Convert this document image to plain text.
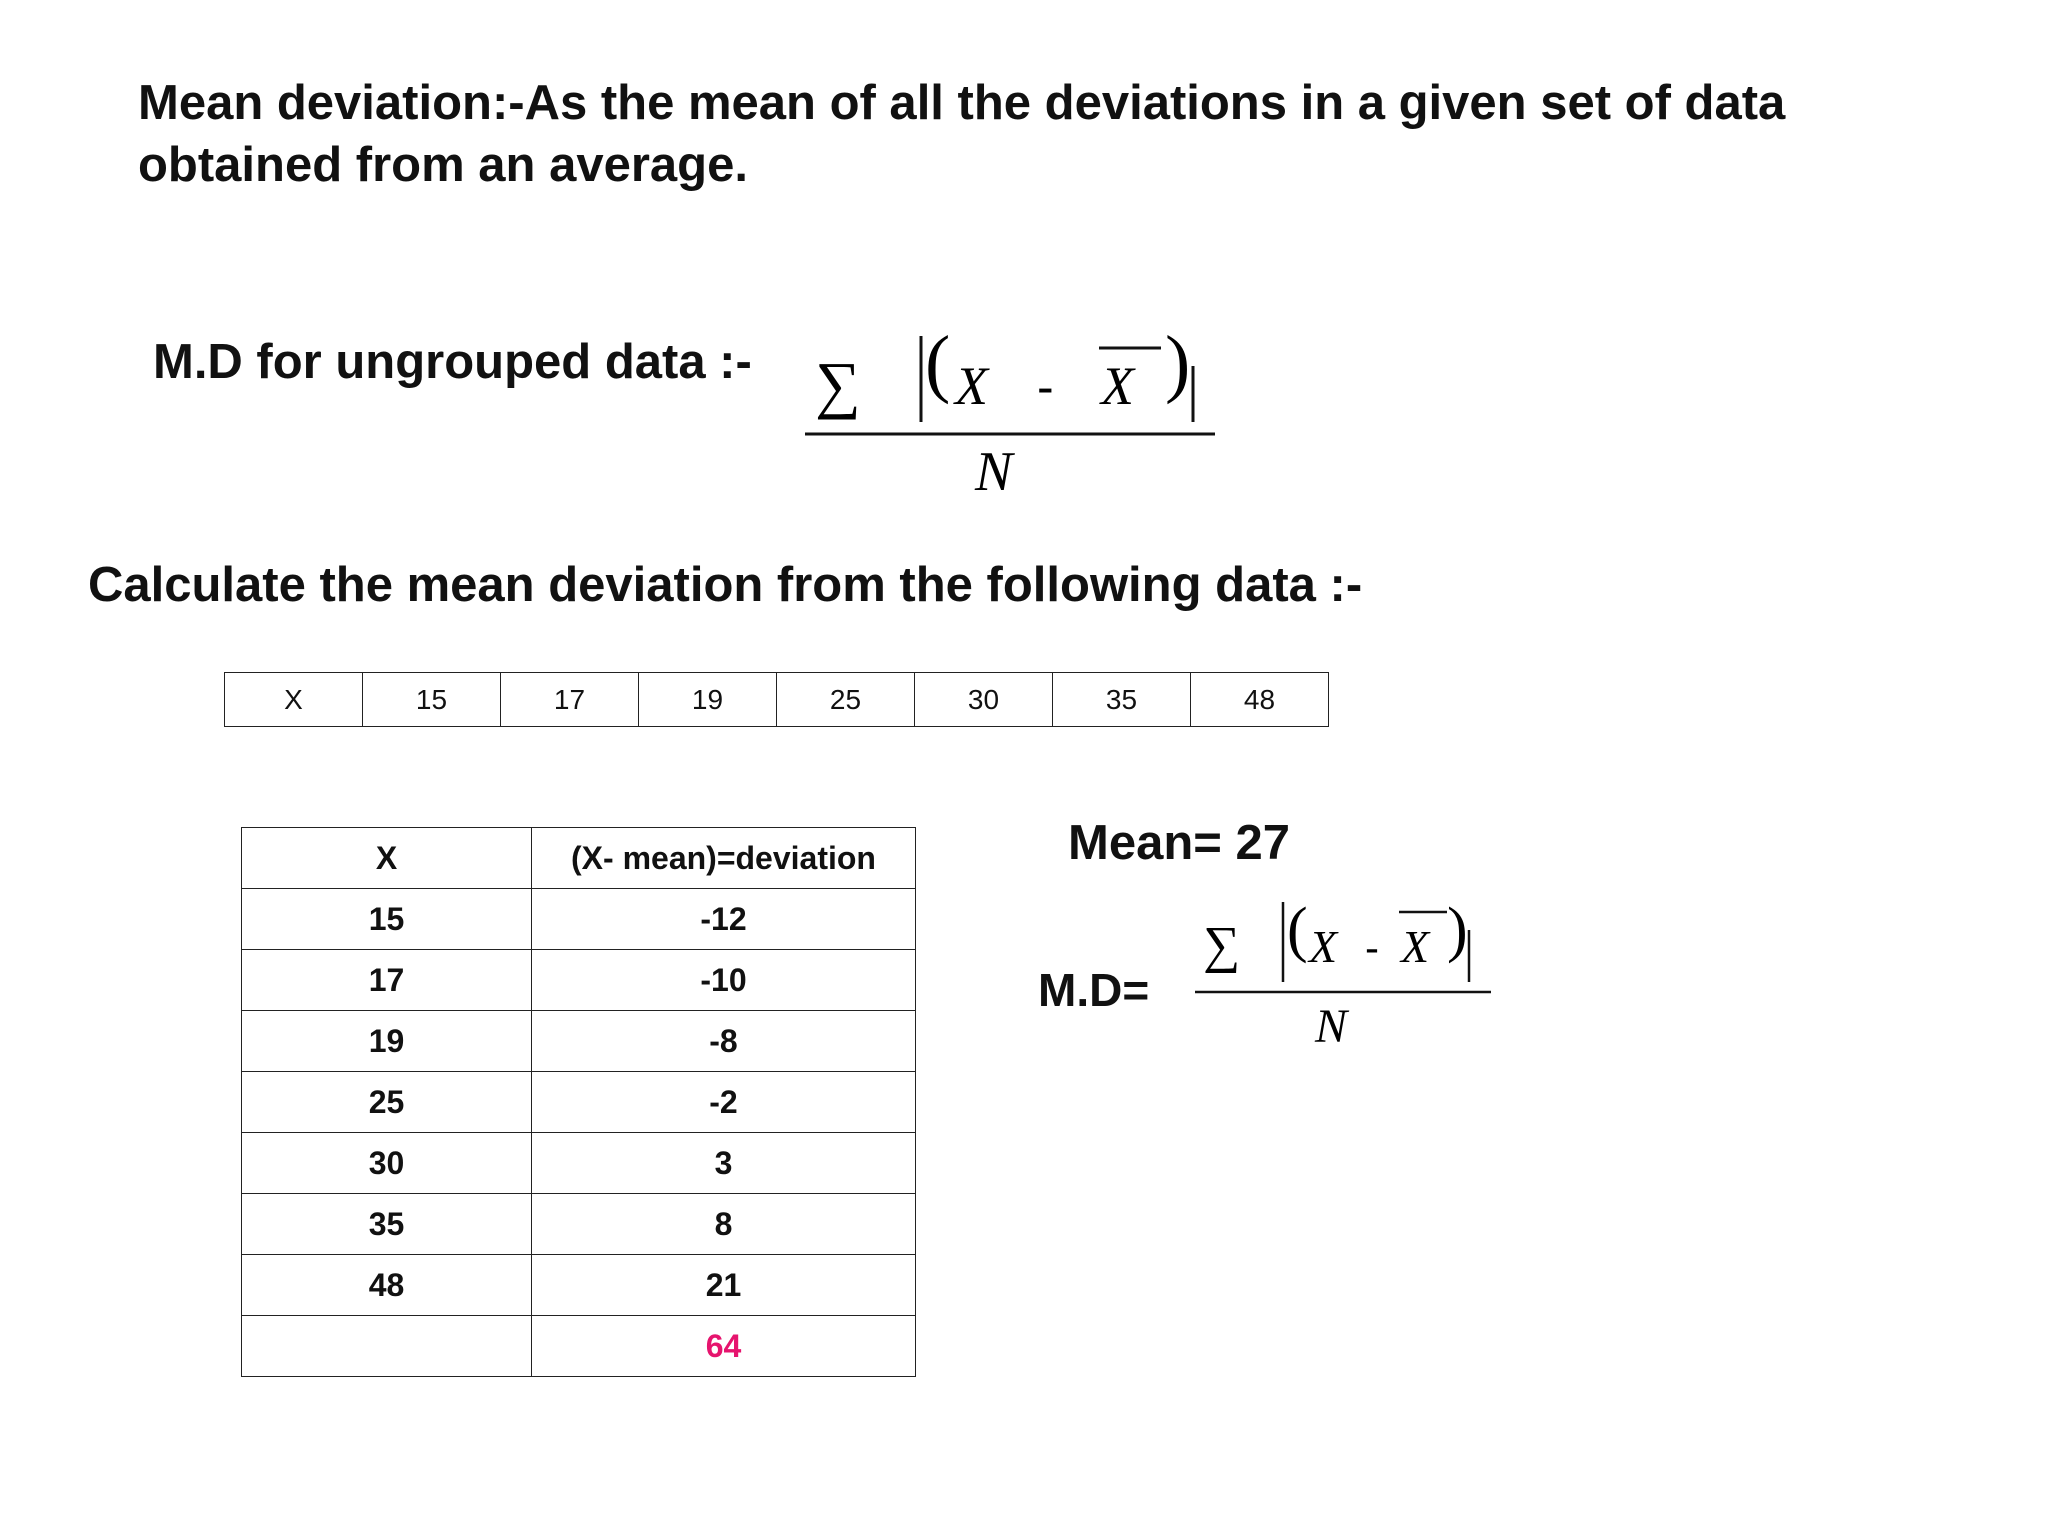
Mean deviation:-As the mean of all the deviations in a given set of data obtained from an average.
M.D for ungrouped data :- ∑ ( X - X )
N
Calculate the mean deviation from the following data :-
X	15	17	19	25	30	35	48
X	(X- mean)=deviation
15	-12
17	-10
19	-8
25	-2
30	3
35	8
48	21
	64
Mean= 27
M.D=
∑ ( X - X )
N
